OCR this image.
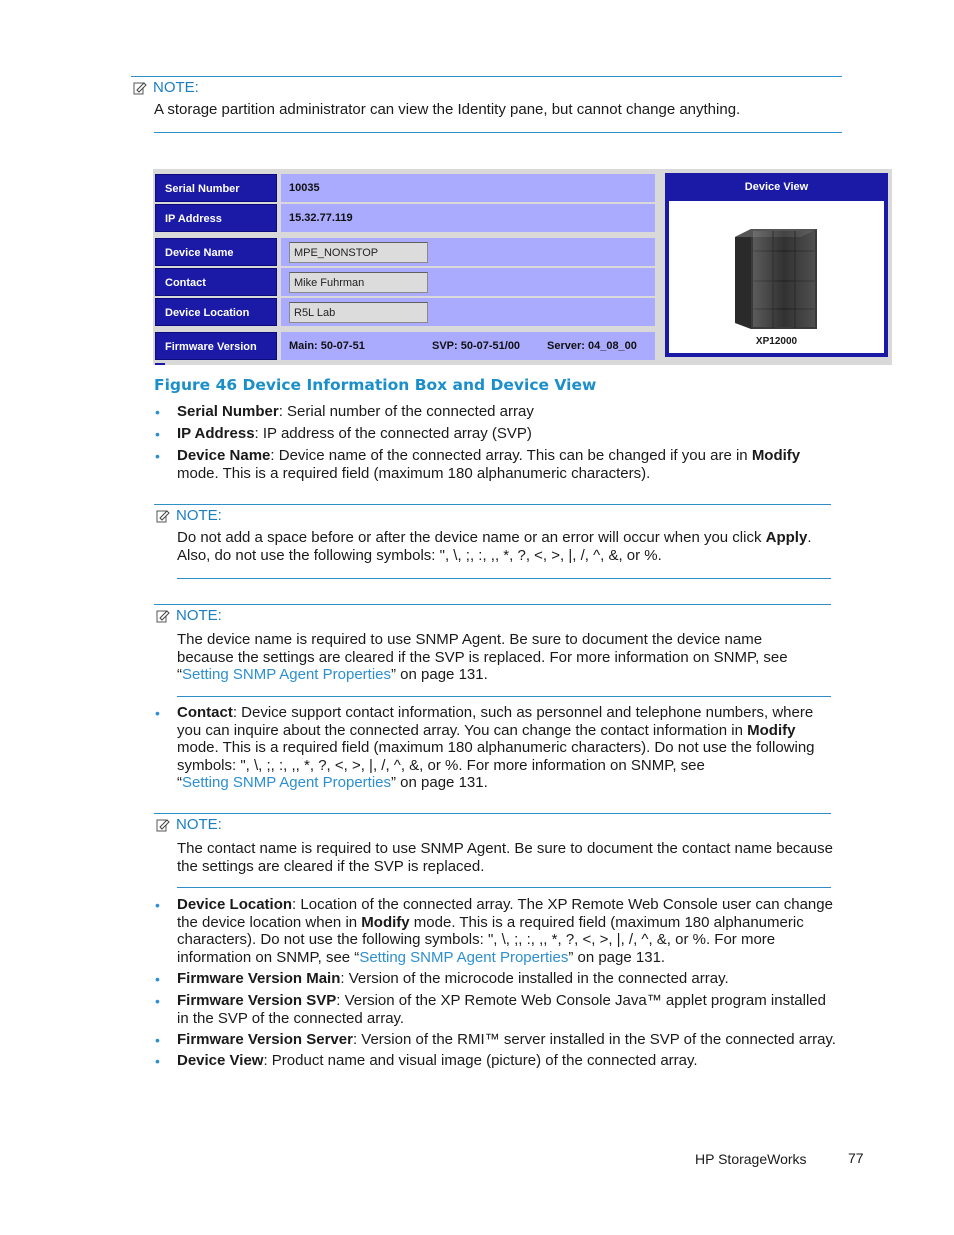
NOTE:
A storage partition administrator can view the Identity pane, but cannot change anything.
Serial Number	10035
IP Address	15.32.77.119
Device Name	MPE_NONSTOP
Contact	Mike Fuhrman
Device Location	R5L Lab
Firmware Version	Main: 50-07-51	SVP: 50-07-51/00 Server: 04_08_00
Device View
XP12000
Figure 46 Device Information Box and Device View
• Serial Number: Serial number of the connected array
• IP Address: IP address of the connected array (SVP)
• Device Name: Device name of the connected array. This can be changed if you are in Modify
mode. This is a required field (maximum 180 alphanumeric characters).
NOTE:
Do not add a space before or after the device name or an error will occur when you click Apply.
Also, do not use the following symbols: ", \, ;, :, ,, *, ?, <, >, |, /, ^, &, or %.
NOTE:
The device name is required to use SNMP Agent. Be sure to document the device name
because the settings are cleared if the SVP is replaced. For more information on SNMP, see
“Setting SNMP Agent Properties” on page 131.
• Contact: Device support contact information, such as personnel and telephone numbers, where
you can inquire about the connected array. You can change the contact information in Modify
mode. This is a required field (maximum 180 alphanumeric characters). Do not use the following
symbols: ", \, ;, :, ,, *, ?, <, >, |, /, ^, &, or %. For more information on SNMP, see
“Setting SNMP Agent Properties” on page 131.
NOTE:
The contact name is required to use SNMP Agent. Be sure to document the contact name because
the settings are cleared if the SVP is replaced.
• Device Location: Location of the connected array. The XP Remote Web Console user can change
the device location when in Modify mode. This is a required field (maximum 180 alphanumeric
characters). Do not use the following symbols: ", \, ;, :, ,, *, ?, <, >, |, /, ^, &, or %. For more
information on SNMP, see “Setting SNMP Agent Properties” on page 131.
• Firmware Version Main: Version of the microcode installed in the connected array.
• Firmware Version SVP: Version of the XP Remote Web Console Java™ applet program installed
in the SVP of the connected array.
• Firmware Version Server: Version of the RMI™ server installed in the SVP of the connected array.
• Device View: Product name and visual image (picture) of the connected array.
HP StorageWorks	77
